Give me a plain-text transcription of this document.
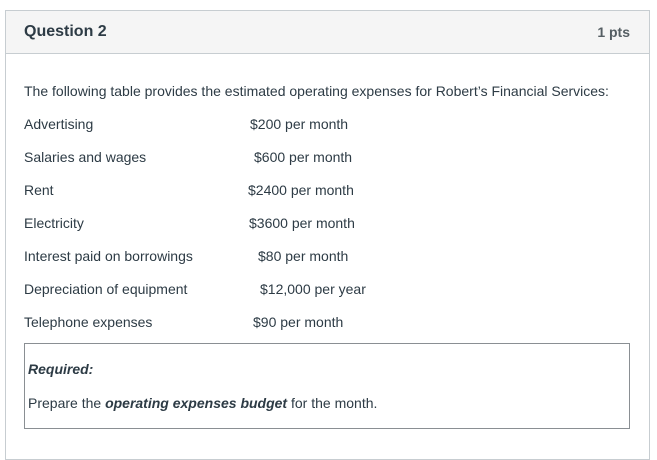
Question 2	1 pts
The following table provides the estimated operating expenses for Robert’s Financial Services:
Advertising	$200 per month
Salaries and wages	$600 per month
Rent	$2400 per month
Electricity	$3600 per month
Interest paid on borrowings	$80 per month
Depreciation of equipment	$12,000 per year
Telephone expenses	$90 per month
Required:
Prepare the operating expenses budget for the month.
